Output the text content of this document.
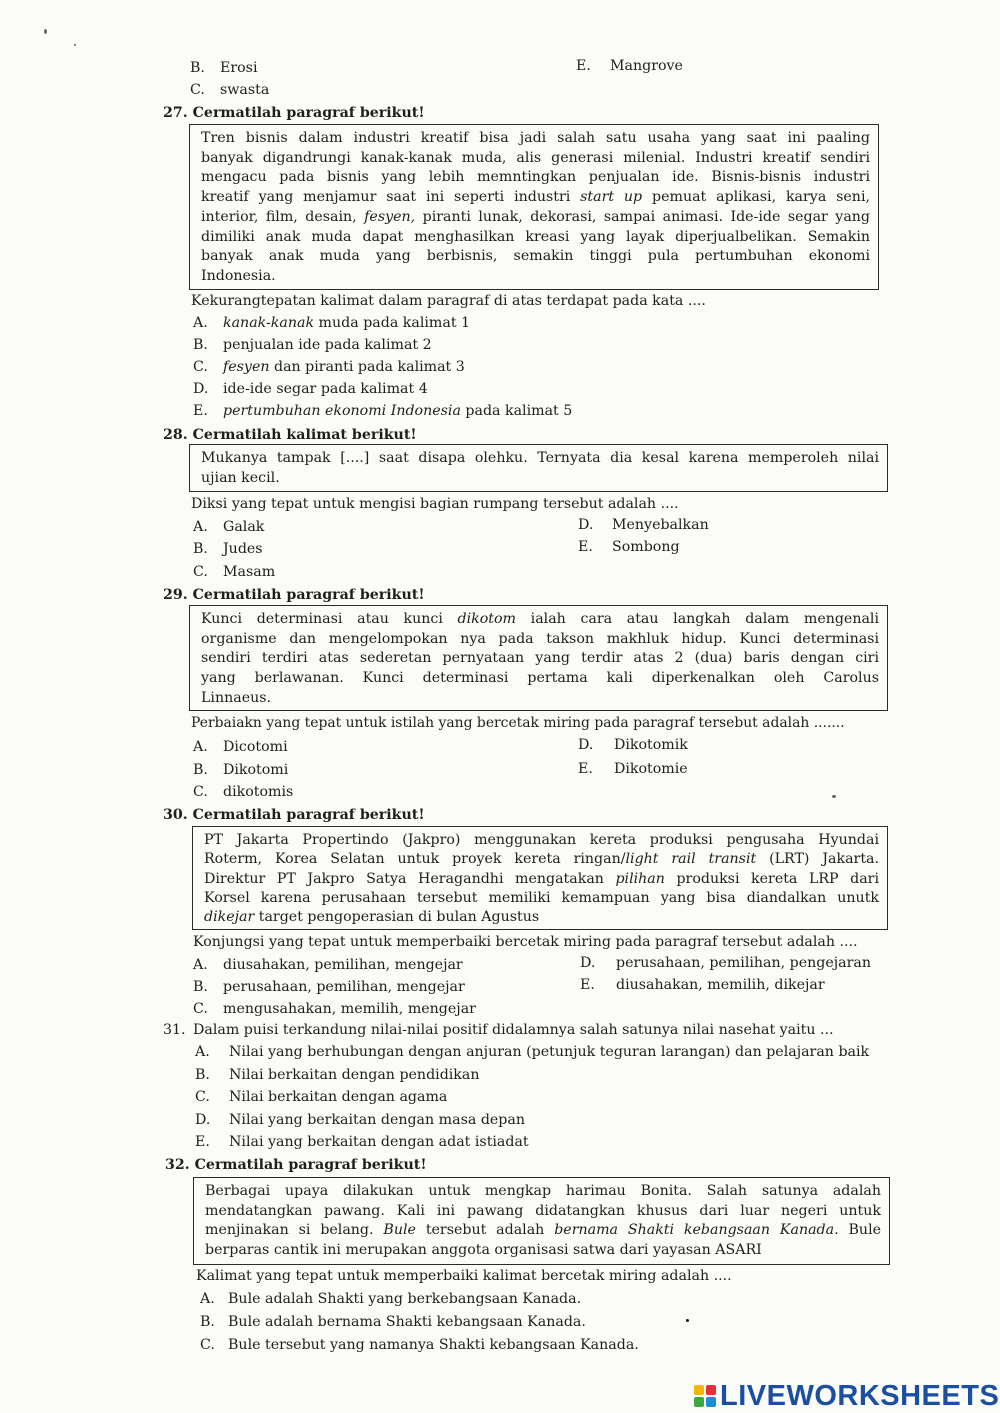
B. Erosi	E. Mangrove
C. swasta
27. Cermatilah paragraf berikut!
Tren bisnis dalam industri kreatif bisa jadi salah satu usaha yang saat ini paaling
banyak digandrungi kanak-kanak muda, alis generasi milenial. Industri kreatif sendiri
mengacu pada bisnis yang lebih memntingkan penjualan ide. Bisnis-bisnis industri
kreatif yang menjamur saat ini seperti industri start up pemuat aplikasi, karya seni,
interior, film, desain, fesyen, piranti lunak, dekorasi, sampai animasi. Ide-ide segar yang
dimiliki anak muda dapat menghasilkan kreasi yang layak diperjualbelikan. Semakin
banyak anak muda yang berbisnis, semakin tinggi pula pertumbuhan ekonomi
Indonesia.
Kekurangtepatan kalimat dalam paragraf di atas terdapat pada kata ....
A. kanak-kanak muda pada kalimat 1
B. penjualan ide pada kalimat 2
C. fesyen dan piranti pada kalimat 3
D. ide-ide segar pada kalimat 4
E. pertumbuhan ekonomi Indonesia pada kalimat 5
28. Cermatilah kalimat berikut!
Mukanya tampak [....] saat disapa olehku. Ternyata dia kesal karena memperoleh nilai
ujian kecil.
Diksi yang tepat untuk mengisi bagian rumpang tersebut adalah ....
A. Galak
B. Judes
C. Masam
D. Menyebalkan
E. Sombong
29. Cermatilah paragraf berikut!
Kunci determinasi atau kunci dikotom ialah cara atau langkah dalam mengenali
organisme dan mengelompokan nya pada takson makhluk hidup. Kunci determinasi
sendiri terdiri atas sederetan pernyataan yang terdir atas 2 (dua) baris dengan ciri
yang berlawanan. Kunci determinasi pertama kali diperkenalkan oleh Carolus
Linnaeus.
Perbaiakn yang tepat untuk istilah yang bercetak miring pada paragraf tersebut adalah .......
A. Dicotomi
B. Dikotomi
C. dikotomis
D. Dikotomik
E. Dikotomie
30. Cermatilah paragraf berikut!
PT Jakarta Propertindo (Jakpro) menggunakan kereta produksi pengusaha Hyundai
Roterm, Korea Selatan untuk proyek kereta ringan/light rail transit (LRT) Jakarta.
Direktur PT Jakpro Satya Heragandhi mengatakan pilihan produksi kereta LRP dari
Korsel karena perusahaan tersebut memiliki kemampuan yang bisa diandalkan unutk
dikejar target pengoperasian di bulan Agustus
Konjungsi yang tepat untuk memperbaiki bercetak miring pada paragraf tersebut adalah ....
A. diusahakan, pemilihan, mengejar
B. perusahaan, pemilihan, mengejar
C. mengusahakan, memilih, mengejar
D. perusahaan, pemilihan, pengejaran
E. diusahakan, memilih, dikejar
31. Dalam puisi terkandung nilai-nilai positif didalamnya salah satunya nilai nasehat yaitu ...
A. Nilai yang berhubungan dengan anjuran (petunjuk teguran larangan) dan pelajaran baik
B. Nilai berkaitan dengan pendidikan
C. Nilai berkaitan dengan agama
D. Nilai yang berkaitan dengan masa depan
E. Nilai yang berkaitan dengan adat istiadat
32. Cermatilah paragraf berikut!
Berbagai upaya dilakukan untuk mengkap harimau Bonita. Salah satunya adalah
mendatangkan pawang. Kali ini pawang didatangkan khusus dari luar negeri untuk
menjinakan si belang. Bule tersebut adalah bernama Shakti kebangsaan Kanada. Bule
berparas cantik ini merupakan anggota organisasi satwa dari yayasan ASARI
Kalimat yang tepat untuk memperbaiki kalimat bercetak miring adalah ....
A. Bule adalah Shakti yang berkebangsaan Kanada.
B. Bule adalah bernama Shakti kebangsaan Kanada.
C. Bule tersebut yang namanya Shakti kebangsaan Kanada.
LIVEWORKSHEETS
